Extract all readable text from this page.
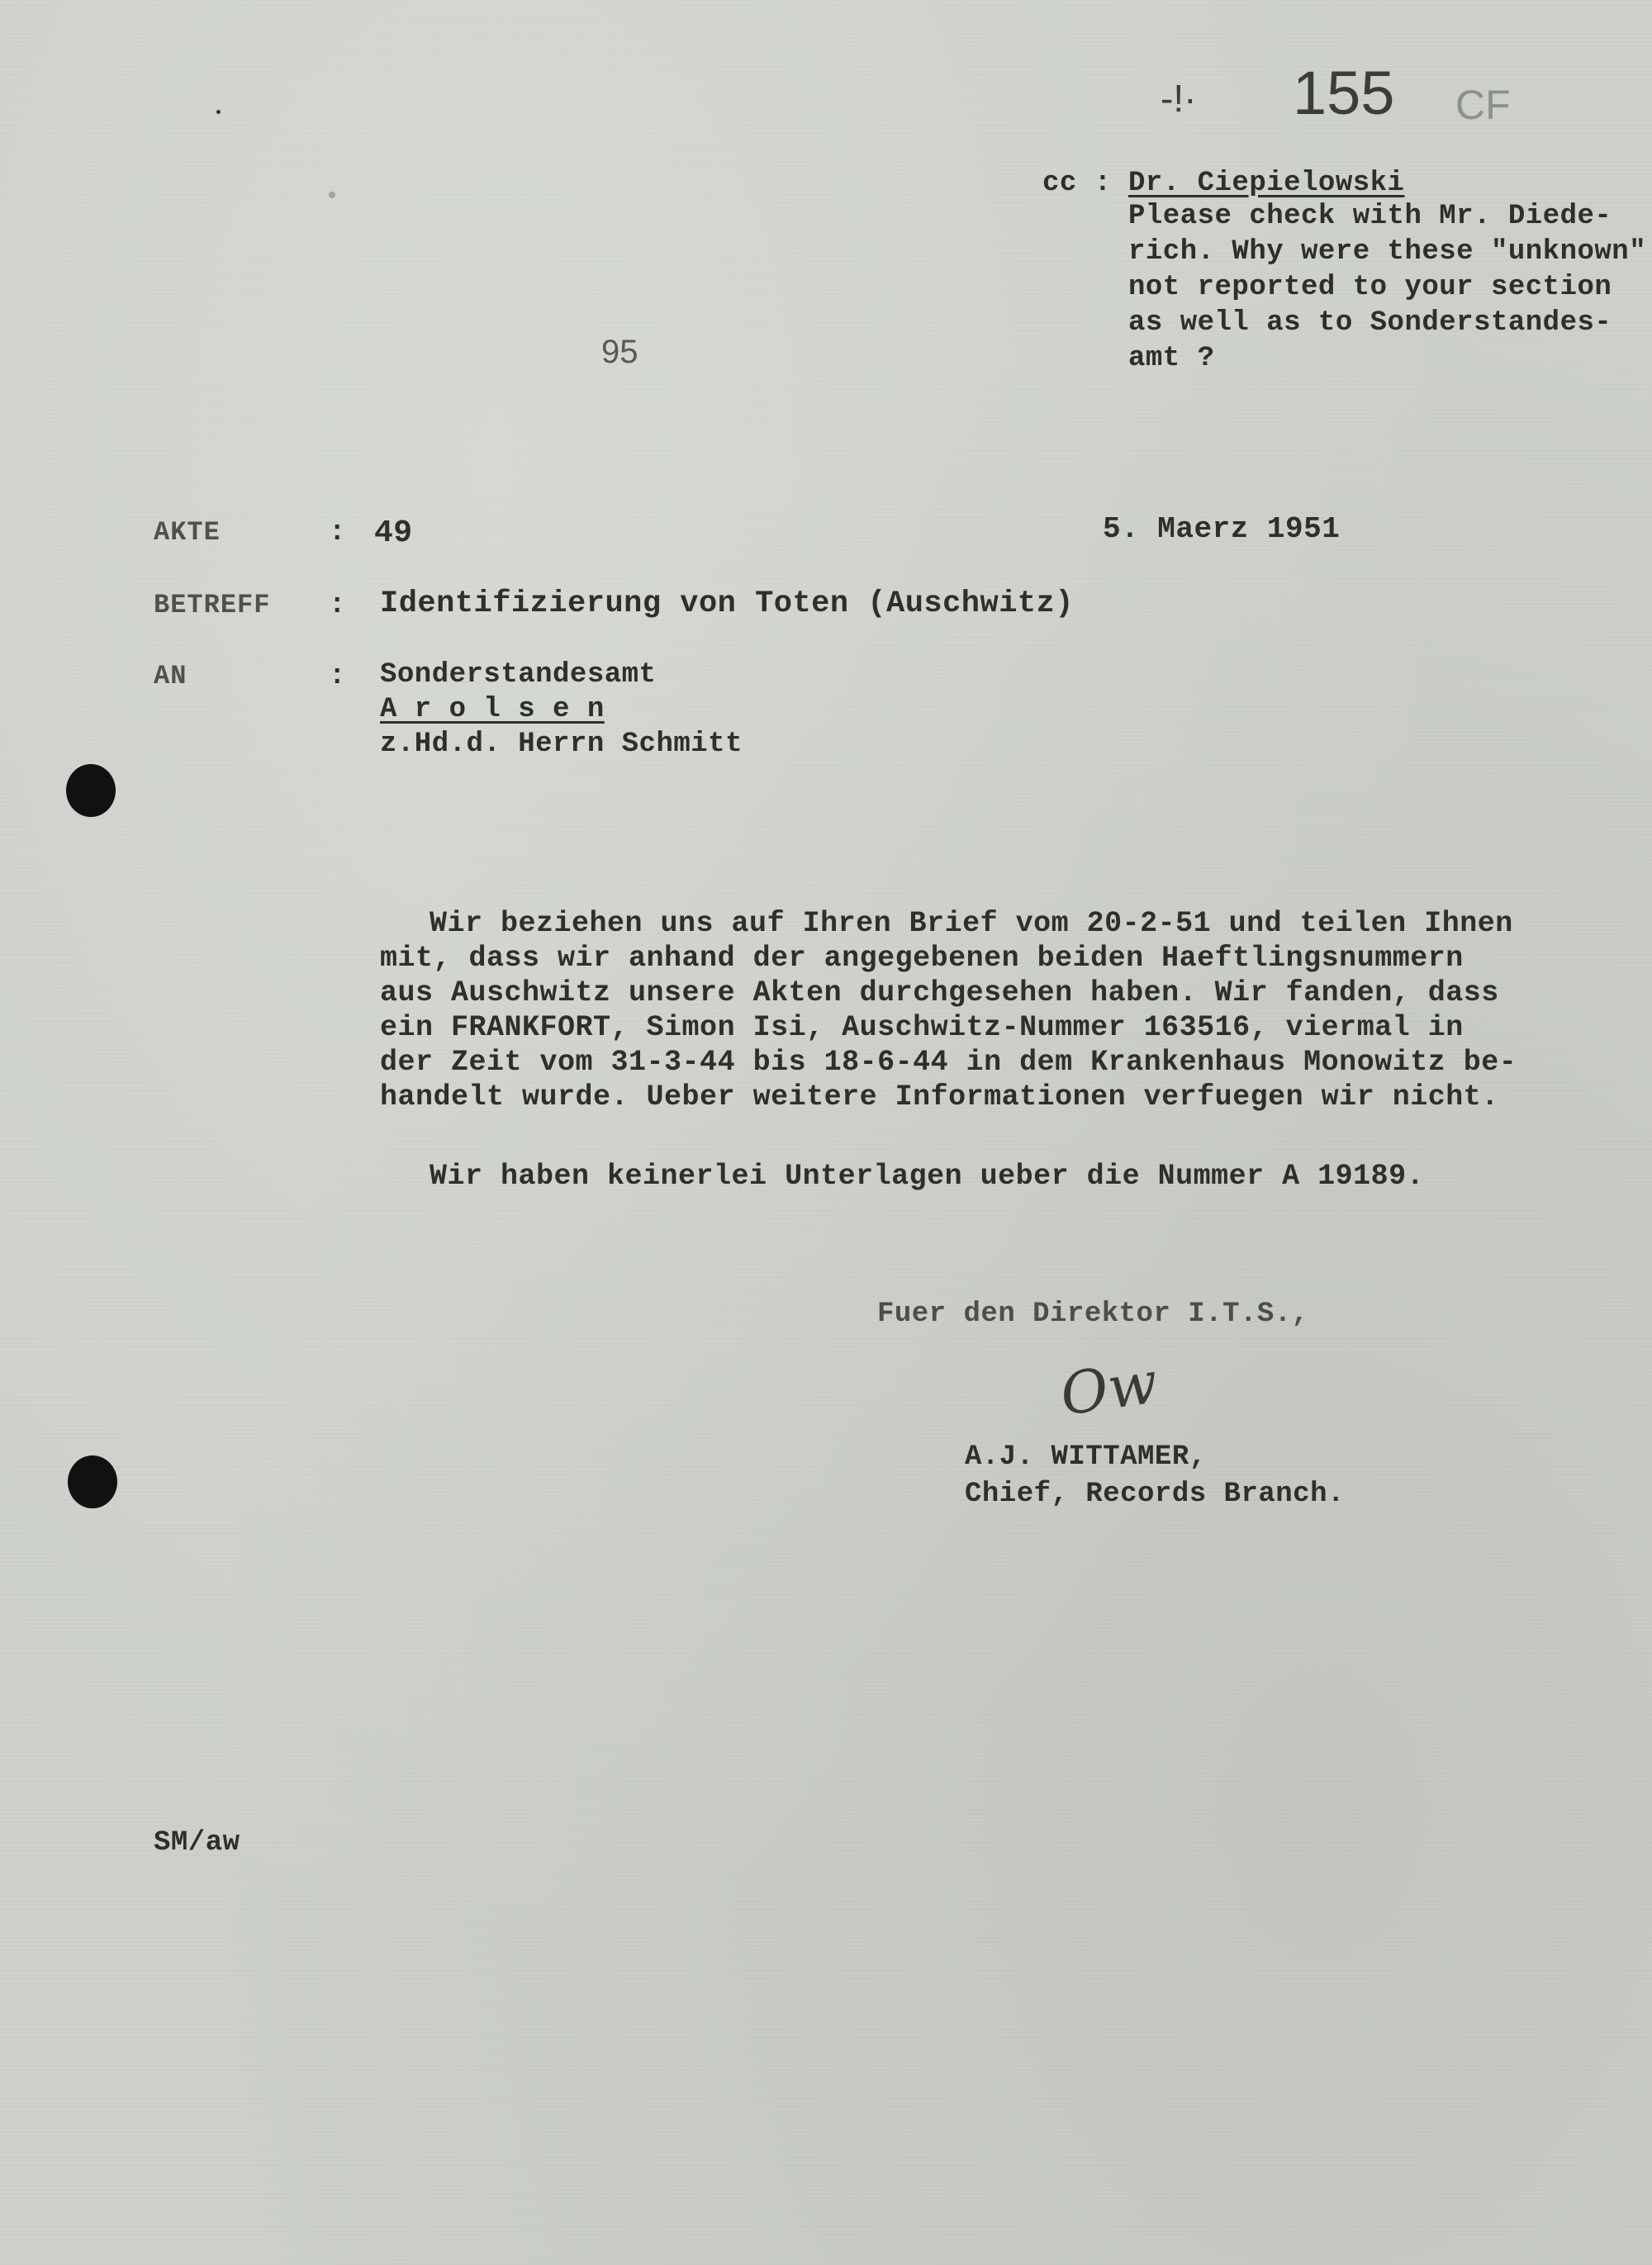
-!· 155 CF
95
cc : Dr. Ciepielowski
Please check with Mr. Diede-
rich. Why were these "unknown"
not reported to your section
as well as to Sonderstandes-
amt ?
AKTE	: 49	5. Maerz 1951
BETREFF : Identifizierung von Toten (Auschwitz)
AN	: Sonderstandesamt
A r o l s e n
z.Hd.d. Herrn Schmitt
Wir beziehen uns auf Ihren Brief vom 20-2-51 und teilen Ihnen
mit, dass wir anhand der angegebenen beiden Haeftlingsnummern
aus Auschwitz unsere Akten durchgesehen haben. Wir fanden, dass
ein FRANKFORT, Simon Isi, Auschwitz-Nummer 163516, viermal in
der Zeit vom 31-3-44 bis 18-6-44 in dem Krankenhaus Monowitz be-
handelt wurde. Ueber weitere Informationen verfuegen wir nicht.
Wir haben keinerlei Unterlagen ueber die Nummer A 19189.
Fuer den Direktor I.T.S.,
Ow
A.J. WITTAMER,
Chief, Records Branch.
SM/aw
